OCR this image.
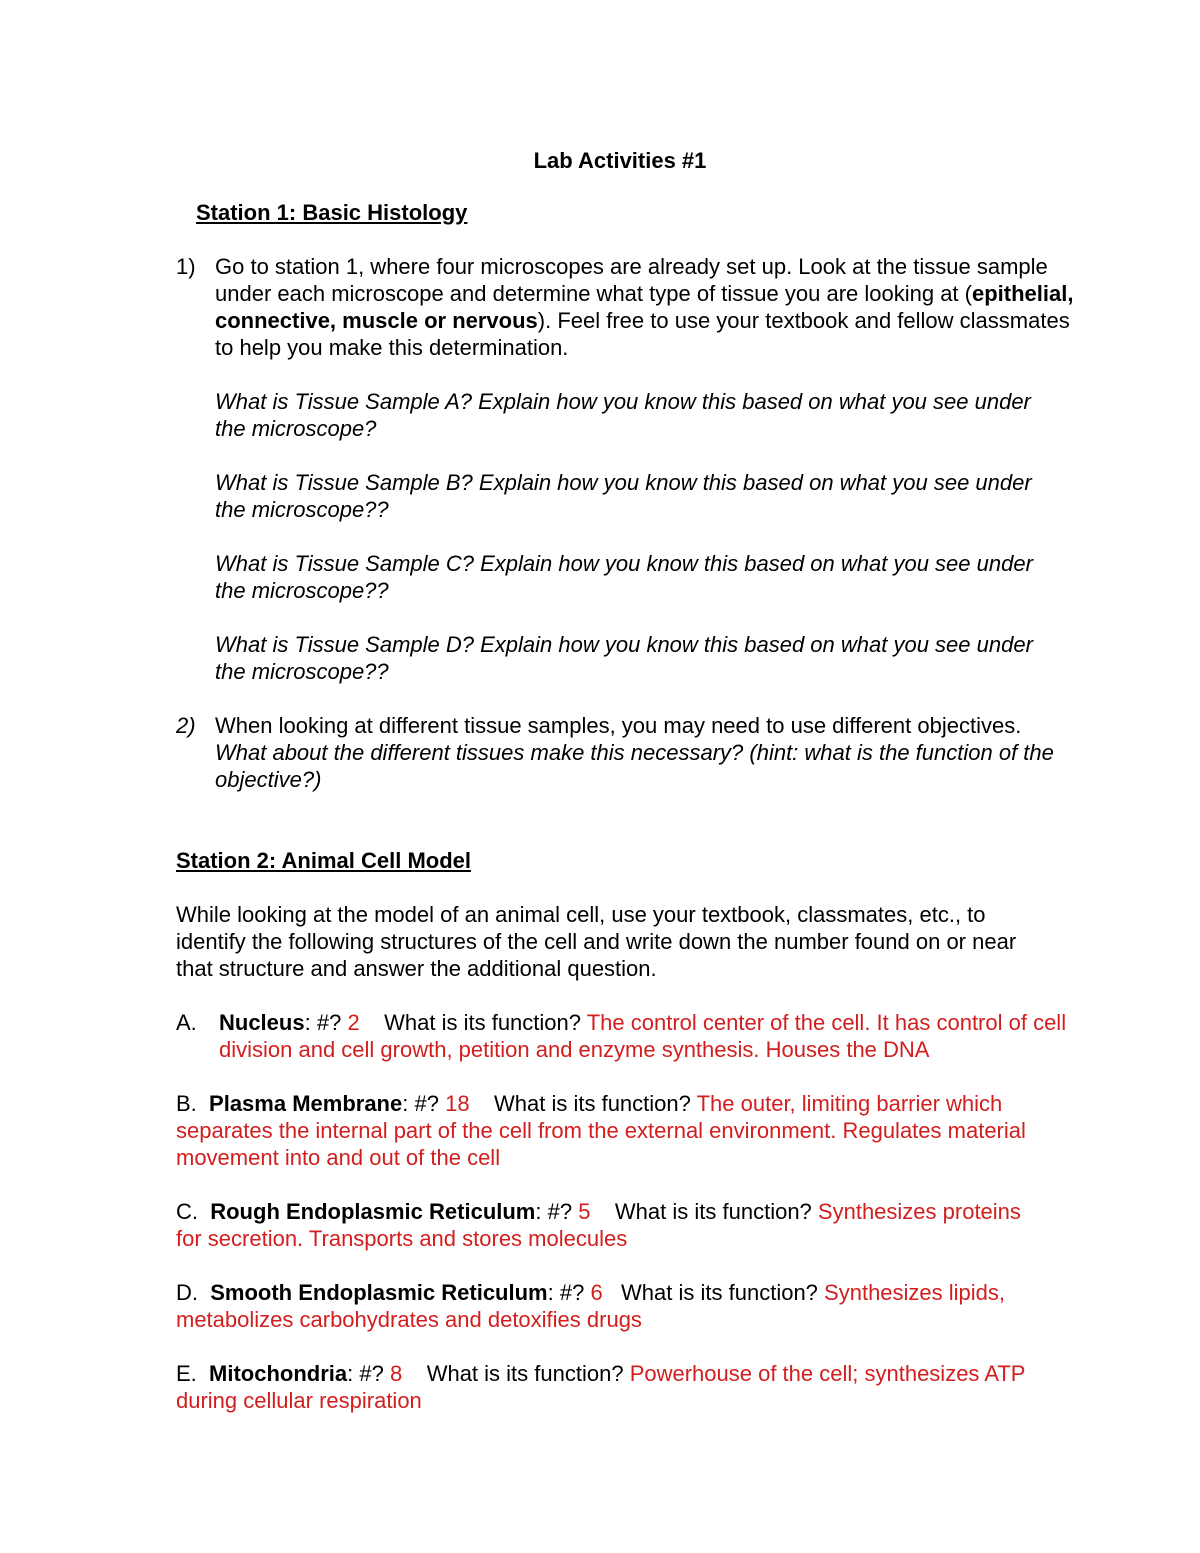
Lab Activities #1
Station 1: Basic Histology
1) Go to station 1, where four microscopes are already set up. Look at the tissue sample under each microscope and determine what type of tissue you are looking at (epithelial, connective, muscle or nervous). Feel free to use your textbook and fellow classmates to help you make this determination.
What is Tissue Sample A? Explain how you know this based on what you see under the microscope?
What is Tissue Sample B? Explain how you know this based on what you see under the microscope??
What is Tissue Sample C? Explain how you know this based on what you see under the microscope??
What is Tissue Sample D? Explain how you know this based on what you see under the microscope??
2) When looking at different tissue samples, you may need to use different objectives. What about the different tissues make this necessary? (hint: what is the function of the objective?)
Station 2: Animal Cell Model
While looking at the model of an animal cell, use your textbook, classmates, etc., to identify the following structures of the cell and write down the number found on or near that structure and answer the additional question.
A. Nucleus: #? 2 What is its function? The control center of the cell. It has control of cell division and cell growth, petition and enzyme synthesis. Houses the DNA
B. Plasma Membrane: #? 18 What is its function? The outer, limiting barrier which separates the internal part of the cell from the external environment. Regulates material movement into and out of the cell
C. Rough Endoplasmic Reticulum: #? 5 What is its function? Synthesizes proteins for secretion. Transports and stores molecules
D. Smooth Endoplasmic Reticulum: #? 6 What is its function? Synthesizes lipids, metabolizes carbohydrates and detoxifies drugs
E. Mitochondria: #? 8 What is its function? Powerhouse of the cell; synthesizes ATP during cellular respiration
